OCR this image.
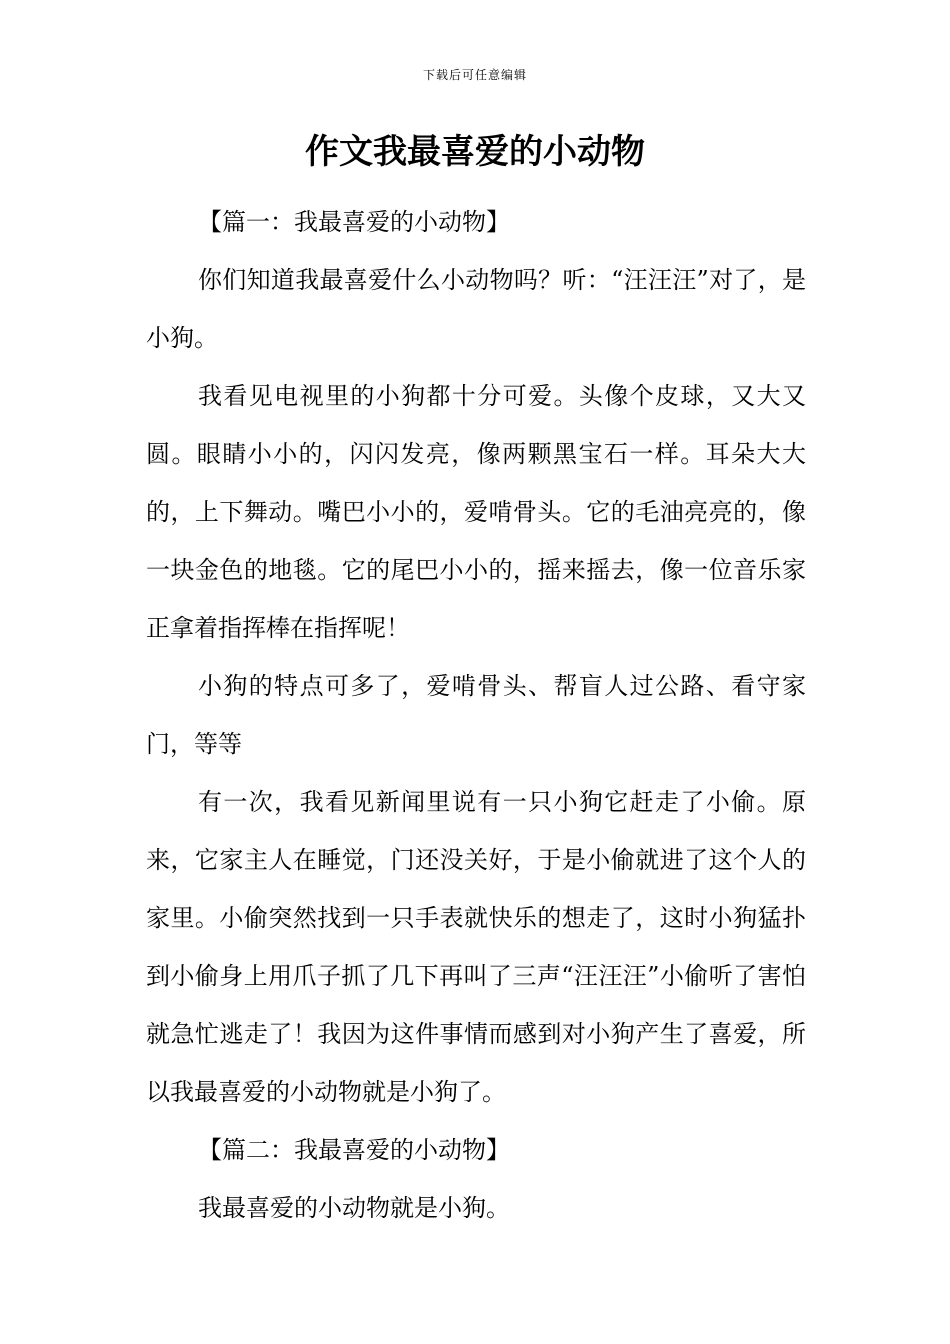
下载后可任意编辑
作文我最喜爱的小动物

【篇一：我最喜爱的小动物】

你们知道我最喜爱什么小动物吗？听：“汪汪汪”对了，是小狗。

我看见电视里的小狗都十分可爱。头像个皮球，又大又圆。眼睛小小的，闪闪发亮，像两颗黑宝石一样。耳朵大大的，上下舞动。嘴巴小小的，爱啃骨头。它的毛油亮亮的，像一块金色的地毯。它的尾巴小小的，摇来摇去，像一位音乐家正拿着指挥棒在指挥呢！

小狗的特点可多了，爱啃骨头、帮盲人过公路、看守家门，等等

有一次，我看见新闻里说有一只小狗它赶走了小偷。原来，它家主人在睡觉，门还没关好，于是小偷就进了这个人的家里。小偷突然找到一只手表就快乐的想走了，这时小狗猛扑到小偷身上用爪子抓了几下再叫了三声“汪汪汪”小偷听了害怕就急忙逃走了！我因为这件事情而感到对小狗产生了喜爱，所以我最喜爱的小动物就是小狗了。

【篇二：我最喜爱的小动物】

我最喜爱的小动物就是小狗。
